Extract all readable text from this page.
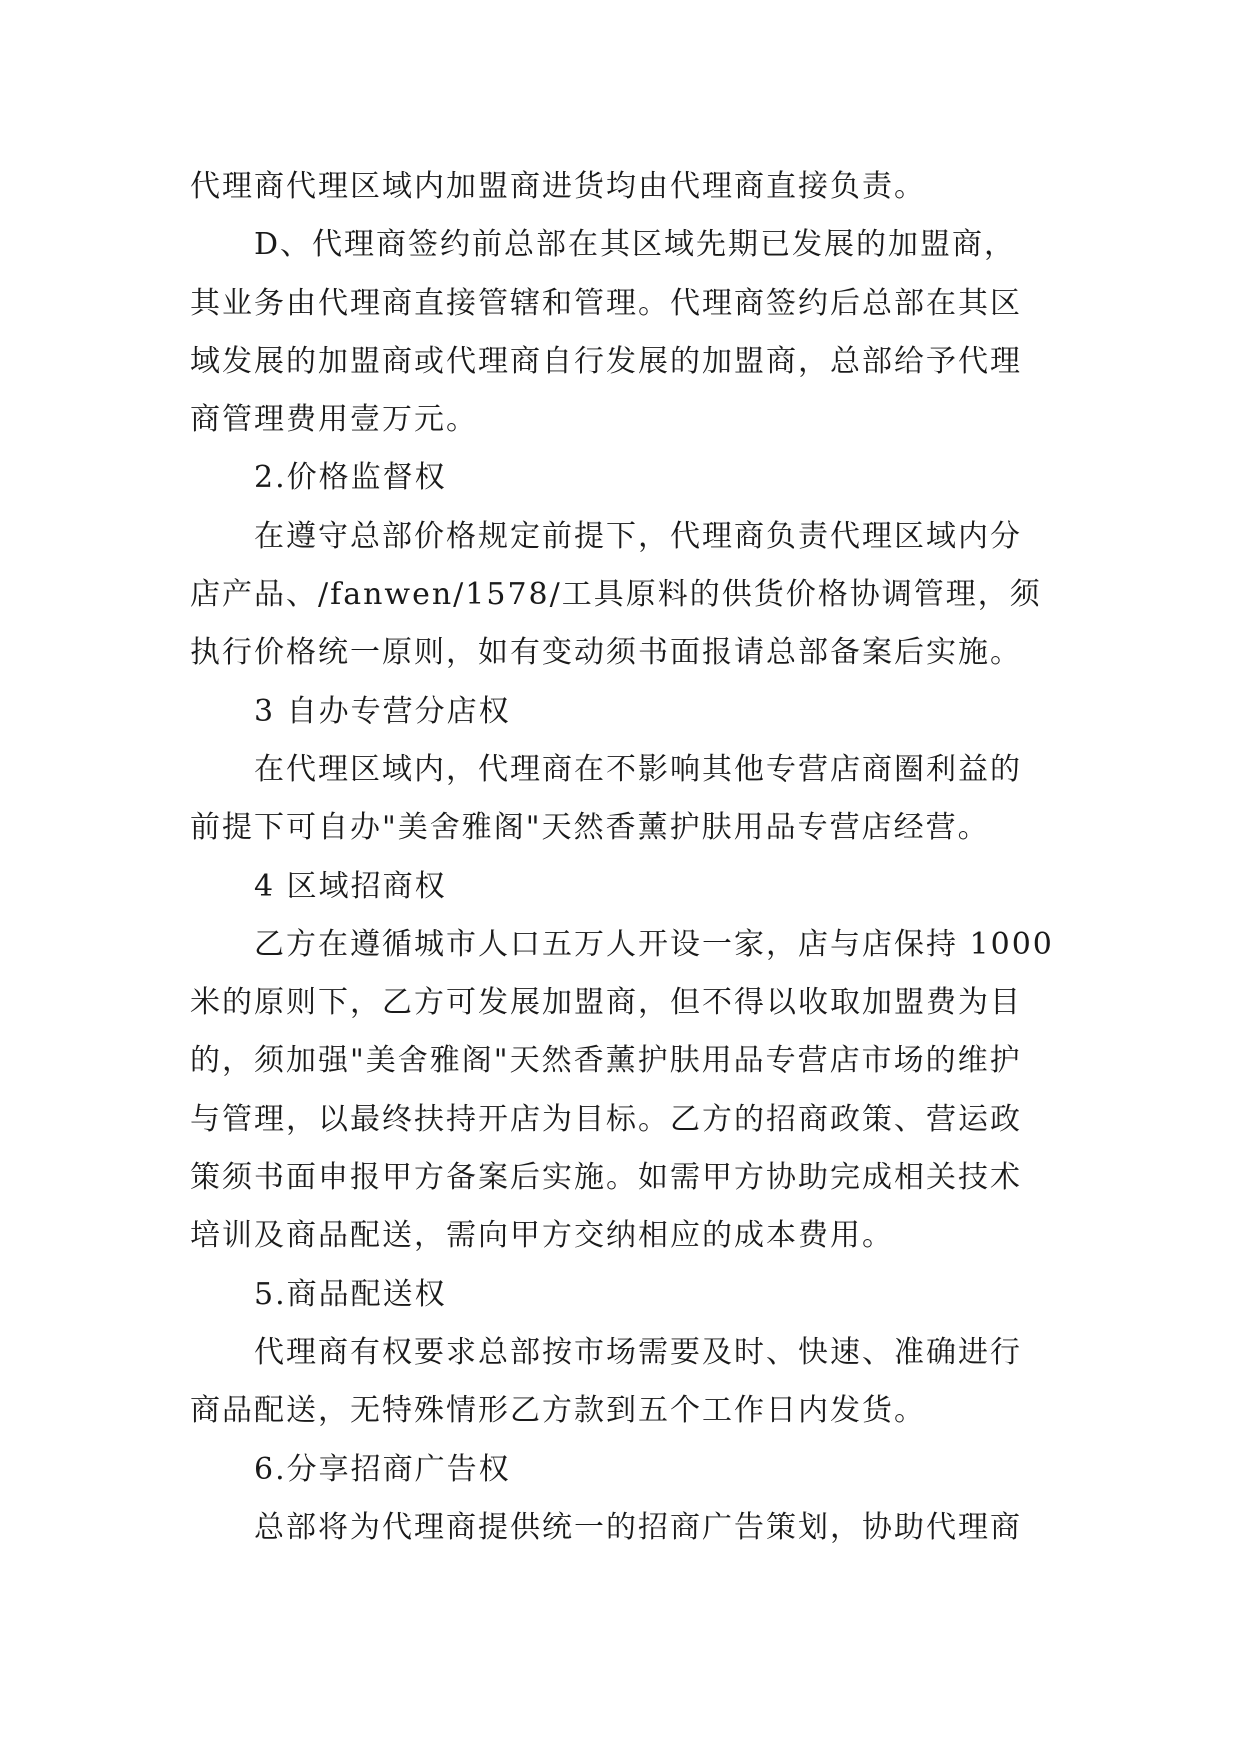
代理商代理区域内加盟商进货均由代理商直接负责。
D、代理商签约前总部在其区域先期已发展的加盟商，
其业务由代理商直接管辖和管理。代理商签约后总部在其区
域发展的加盟商或代理商自行发展的加盟商，总部给予代理
商管理费用壹万元。
2.价格监督权
在遵守总部价格规定前提下，代理商负责代理区域内分
店产品、/fanwen/1578/工具原料的供货价格协调管理，须
执行价格统一原则，如有变动须书面报请总部备案后实施。
3 自办专营分店权
在代理区域内，代理商在不影响其他专营店商圈利益的
前提下可自办"美舍雅阁"天然香薰护肤用品专营店经营。
4 区域招商权
乙方在遵循城市人口五万人开设一家，店与店保持 1000
米的原则下，乙方可发展加盟商，但不得以收取加盟费为目
的，须加强"美舍雅阁"天然香薰护肤用品专营店市场的维护
与管理，以最终扶持开店为目标。乙方的招商政策、营运政
策须书面申报甲方备案后实施。如需甲方协助完成相关技术
培训及商品配送，需向甲方交纳相应的成本费用。
5.商品配送权
代理商有权要求总部按市场需要及时、快速、准确进行
商品配送，无特殊情形乙方款到五个工作日内发货。
6.分享招商广告权
总部将为代理商提供统一的招商广告策划，协助代理商
